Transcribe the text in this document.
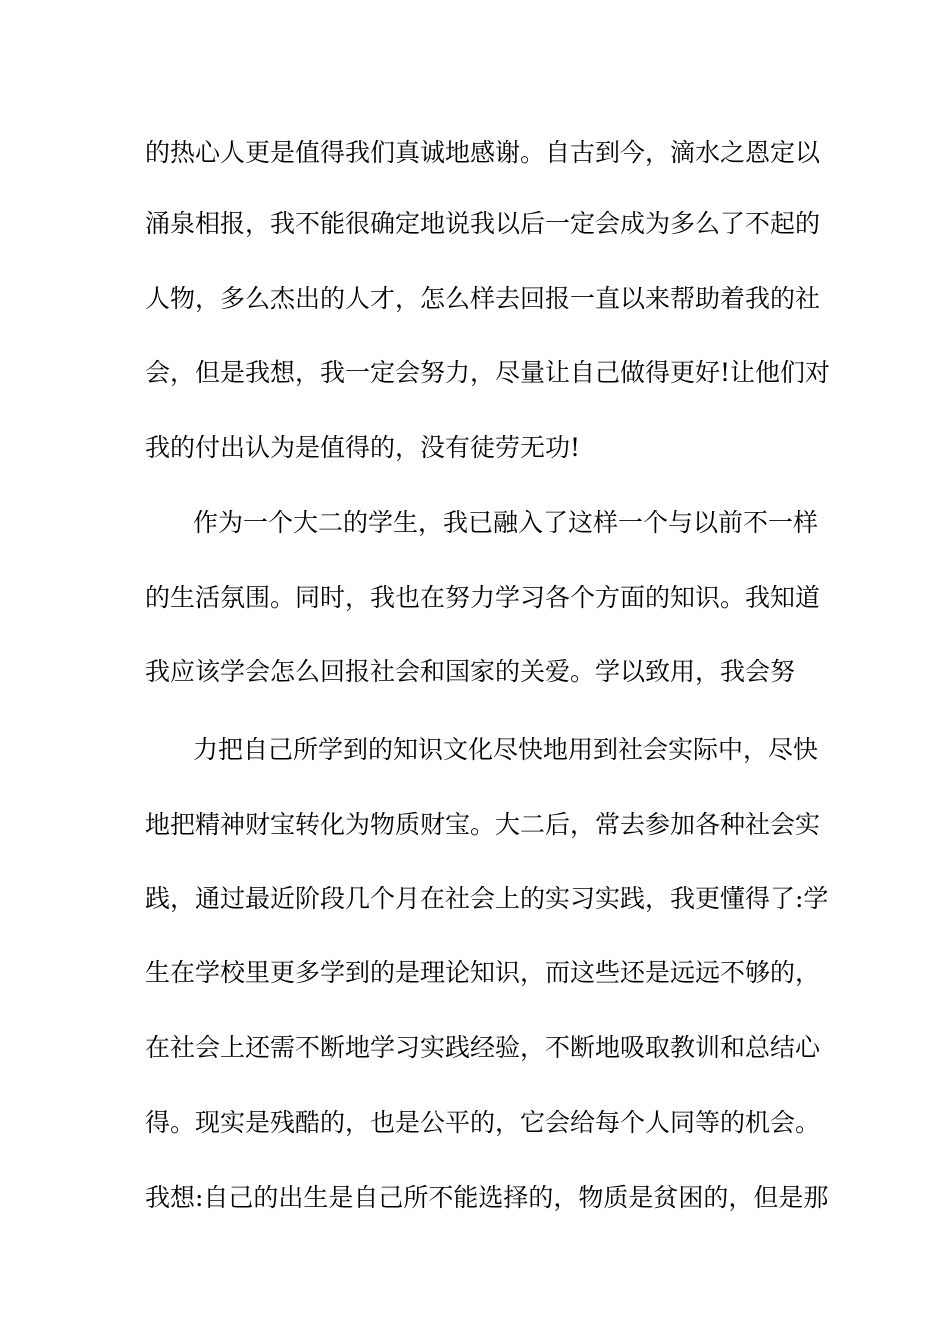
的热心人更是值得我们真诚地感谢。自古到今，滴水之恩定以
涌泉相报，我不能很确定地说我以后一定会成为多么了不起的
人物，多么杰出的人才，怎么样去回报一直以来帮助着我的社
会，但是我想，我一定会努力，尽量让自己做得更好!让他们对
我的付出认为是值得的，没有徒劳无功!
作为一个大二的学生，我已融入了这样一个与以前不一样
的生活氛围。同时，我也在努力学习各个方面的知识。我知道
我应该学会怎么回报社会和国家的关爱。学以致用，我会努
力把自己所学到的知识文化尽快地用到社会实际中，尽快
地把精神财宝转化为物质财宝。大二后，常去参加各种社会实
践，通过最近阶段几个月在社会上的实习实践，我更懂得了:学
生在学校里更多学到的是理论知识，而这些还是远远不够的，
在社会上还需不断地学习实践经验，不断地吸取教训和总结心
得。现实是残酷的，也是公平的，它会给每个人同等的机会。
我想:自己的出生是自己所不能选择的，物质是贫困的，但是那
